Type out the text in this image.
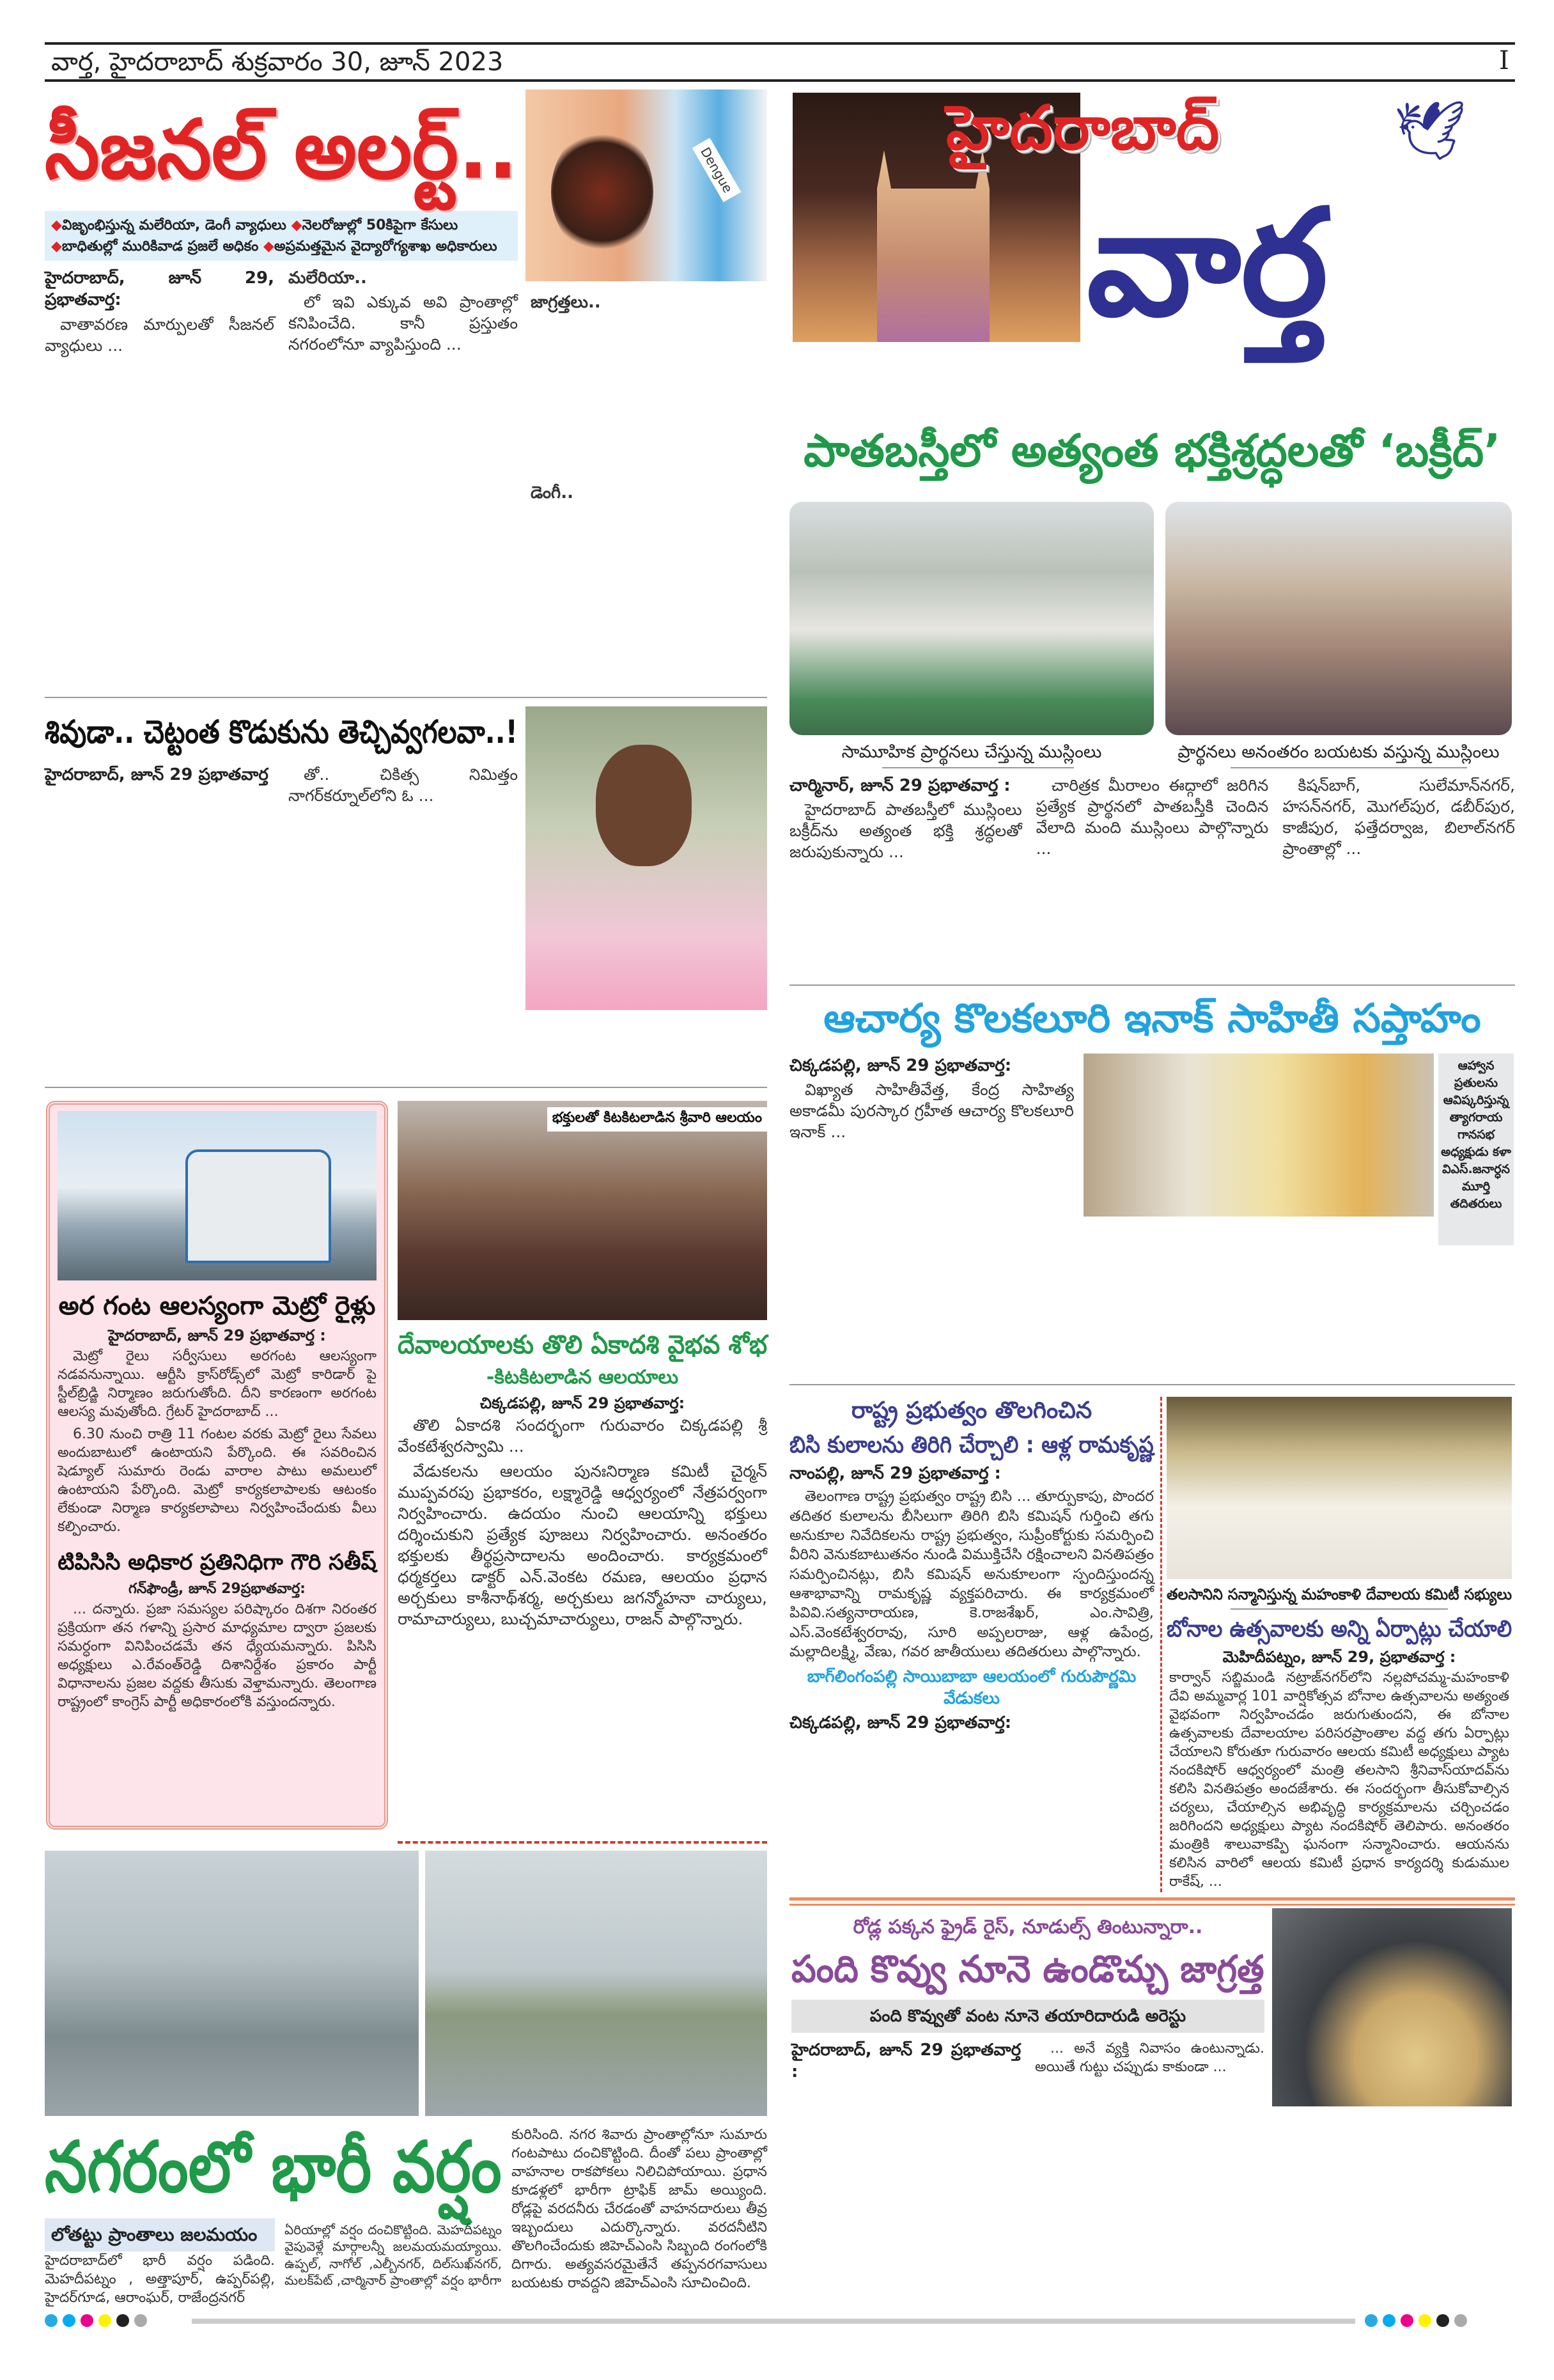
వార్త, హైదరాబాద్ శుక్రవారం 30, జూన్ 2023	I
సీజనల్ అలర్ట్..
◆విజృంభిస్తున్న మలేరియా, డెంగీ వ్యాధులు ◆నెలరోజుల్లో 50కిపైగా కేసులు
◆బాధితుల్లో మురికివాడ ప్రజలే అధికం ◆అప్రమత్తమైన వైద్యారోగ్యశాఖ అధికారులు
హైదరాబాద్, జూన్ 29, ప్రభాతవార్త:

వాతావరణ మార్పులతో సీజనల్ వ్యాధులు ...

మలేరియా..

లో ఇవి ఎక్కువ అవి ప్రాంతాల్లో కనిపించేది. కానీ ప్రస్తుతం నగరంలోనూ వ్యాపిస్తుంది ...

Dengue
జాగ్రత్తలు..
డెంగీ..
శివుడా.. చెట్టంత కొడుకును తెచ్చివ్వగలవా..!
హైదరాబాద్, జూన్ 29 ప్రభాతవార్త	తో.. చికిత్స నిమిత్తం నాగర్‌కర్నూల్‌లోని ఓ ...

అర గంట ఆలస్యంగా మెట్రో రైళ్లు
హైదరాబాద్, జూన్ 29 ప్రభాతవార్త :

మెట్రో రైలు సర్వీసులు అరగంట ఆలస్యంగా నడవనున్నాయి. ఆర్టీసి క్రాస్‌రోడ్స్‌లో మెట్రో కారిడార్ పై స్టీల్‌బ్రిడ్జి నిర్మాణం జరుగుతోంది. దీని కారణంగా అరగంట ఆలస్య మవుతోంది. గ్రేటర్ హైదరాబాద్ ...

6.30 నుంచి రాత్రి 11 గంటల వరకు మెట్రో రైలు సేవలు అందుబాటులో ఉంటాయని పేర్కొంది. ఈ సవరించిన షెడ్యూల్ సుమారు రెండు వారాల పాటు అమలులో ఉంటాయని పేర్కొంది. మెట్రో కార్యకలాపాలకు ఆటంకం లేకుండా నిర్మాణ కార్యకలాపాలు నిర్వహించేందుకు వీలు కల్పించారు.

టిపిసిసి అధికార ప్రతినిధిగా గౌరి సతీష్
గన్‌ఫౌండ్రీ, జూన్ 29ప్రభాతవార్త:

... దన్నారు. ప్రజా సమస్యల పరిష్కారం దిశగా నిరంతర ప్రక్రియగా తన గళాన్ని ప్రసార మాధ్యమాల ద్వారా ప్రజలకు సమర్ధంగా వినిపించడమే తన ధ్యేయమన్నారు. పిసిసి అధ్యక్షులు ఎ.రేవంత్‌రెడ్డి దిశానిర్దేశం ప్రకారం పార్టీ విధానాలను ప్రజల వద్దకు తీసుకు వెళ్తామన్నారు. తెలంగాణ రాష్ట్రంలో కాంగ్రెస్ పార్టీ అధికారంలోకి వస్తుందన్నారు.

భక్తులతో కిటకిటలాడిన శ్రీవారి ఆలయం
దేవాలయాలకు తొలి ఏకాదశి వైభవ శోభ
-కిటకిటలాడిన ఆలయాలు
చిక్కడపల్లి, జూన్ 29 ప్రభాతవార్త:

తొలి ఏకాదశి సందర్భంగా గురువారం చిక్కడపల్లి శ్రీ వేంకటేశ్వరస్వామి ...

వేడుకలను ఆలయం పునఃనిర్మాణ కమిటీ చైర్మన్ ముప్పవరపు ప్రభాకరం, లక్ష్మారెడ్డి ఆధ్వర్యంలో నేత్రపర్వంగా నిర్వహించారు. ఉదయం నుంచి ఆలయాన్ని భక్తులు దర్శించుకుని ప్రత్యేక పూజలు నిర్వహించారు. అనంతరం భక్తులకు తీర్థప్రసాదాలను అందించారు. కార్యక్రమంలో ధర్మకర్తలు డాక్టర్ ఎన్.వెంకట రమణ, ఆలయం ప్రధాన అర్చకులు కాశీనాథ్‌శర్మ, అర్చకులు జగన్మోహనా చార్యులు, రామాచార్యులు, బుచ్చమాచార్యులు, రాజన్ పాల్గొన్నారు.

నగరంలో భారీ వర్షం
లోతట్టు ప్రాంతాలు జలమయం
హైదరాబాద్‌లో భారీ వర్షం పడింది. మెహదీపట్నం , అత్తాపూర్, ఉప్పర్‌పల్లి, హైదర్‌గూడ, ఆరాంఘర్, రాజేంద్రనగర్
ఏరియాల్లో వర్షం దంచికొట్టింది. మెహదీపట్నం వైపువెళ్లే మార్గాలన్నీ జలమయమయ్యాయి. ఉప్పల్, నాగోల్ ,ఎల్బీనగర్, దిల్‌సుఖ్‌నగర్, మలక్‌పేట్ ,చార్మినార్ ప్రాంతాల్లో వర్షం భారీగా
కురిసింది. నగర శివారు ప్రాంతాల్లోనూ సుమారు గంటపాటు దంచికొట్టింది. దీంతో పలు ప్రాంతాల్లో వాహనాల రాకపోకలు నిలిచిపోయాయి. ప్రధాన కూడళ్లలో భారీగా ట్రాఫిక్ జామ్ అయ్యింది. రోడ్లపై వరదనీరు చేరడంతో వాహనదారులు తీవ్ర ఇబ్బందులు ఎదుర్కొన్నారు. వరదనీటిని తొలగించేందుకు జిహెచ్‌ఎంసి సిబ్బంది రంగంలోకి దిగారు. అత్యవసరమైతేనే తప్పనరగవాసులు బయటకు రావద్దని జిహెచ్‌ఎంసి సూచించింది.
హైదరాబాద్	🕊
వార్త
పాతబస్తీలో అత్యంత భక్తిశ్రద్ధలతో ‘బక్రీద్’
సామూహిక ప్రార్థనలు చేస్తున్న ముస్లింలు	ప్రార్థనలు అనంతరం బయటకు వస్తున్న ముస్లింలు
చార్మినార్, జూన్ 29 ప్రభాతవార్త :

హైదరాబాద్ పాతబస్తీలో ముస్లింలు బక్రీద్‌ను అత్యంత భక్తి శ్రద్ధలతో జరుపుకున్నారు ...

చారిత్రక మీరాలం ఈద్గాలో జరిగిన ప్రత్యేక ప్రార్థనలో పాతబస్తీకి చెందిన వేలాది మంది ముస్లింలు పాల్గొన్నారు ...

కిషన్‌బాగ్, సులేమాన్‌నగర్, హసన్‌నగర్, మొగల్‌పుర, డబీర్‌పుర, కాజీపుర, ఫత్తేదర్వాజ, బిలాల్‌నగర్ ప్రాంతాల్లో ...

ఆచార్య కొలకలూరి ఇనాక్ సాహితీ సప్తాహం
చిక్కడపల్లి, జూన్ 29 ప్రభాతవార్త:

విఖ్యాత సాహితీవేత్త, కేంద్ర సాహిత్య అకాడమీ పురస్కార గ్రహీత ఆచార్య కొలకలూరి ఇనాక్ ...

ఆహ్వాన ప్రతులను ఆవిష్కరిస్తున్న త్యాగరాయ గానసభ అధ్యక్షుడు కళా విఎస్.జనార్ధన మూర్తి తదితరులు
రాష్ట్ర ప్రభుత్వం తొలగించిన
బిసి కులాలను తిరిగి చేర్చాలి : ఆళ్ల రామకృష్ణ
నాంపల్లి, జూన్ 29 ప్రభాతవార్త :

తెలంగాణ రాష్ట్ర ప్రభుత్వం రాష్ట్ర బిసి ... తూర్పుకాపు, పొందర తదితర కులాలను బీసిలుగా తిరిగి బిసి కమిషన్ గుర్తించి తగు అనుకూల నివేదికలను రాష్ట్ర ప్రభుత్వం, సుప్రీంకోర్టుకు సమర్పించి వీరిని వెనుకబాటుతనం నుండి విముక్తిచేసి రక్షించాలని వినతిపత్రం సమర్పించినట్లు, బిసి కమిషన్ అనుకూలంగా స్పందిస్తుందన్న ఆశాభావాన్ని రామకృష్ణ వ్యక్తపరిచారు. ఈ కార్యక్రమంలో పివివి.సత్యనారాయణ, కె.రాజశేఖర్, ఎం.సావిత్రి, ఎస్.వెంకటేశ్వరరావు, సూరి అప్పలరాజు, ఆళ్ల ఉపేంద్ర, మల్లాదిలక్ష్మి, వేణు, గవర జాతీయులు తదితరులు పాల్గొన్నారు.

బాగ్‌లింగంపల్లి సాయిబాబా ఆలయంలో గురుపౌర్ణమి వేడుకలు
చిక్కడపల్లి, జూన్ 29 ప్రభాతవార్త:
తలసానిని సన్మానిస్తున్న మహంకాళి దేవాలయ కమిటీ సభ్యులు
బోనాల ఉత్సవాలకు అన్ని ఏర్పాట్లు చేయాలి
మెహిదీపట్నం, జూన్ 29, ప్రభాతవార్త :
కార్వాన్ సబ్జిమండి నట్రాజ్‌నగర్‌లోని నల్లపోచమ్మ-మహంకాళి దేవి అమ్మవార్ల 101 వార్షికోత్సవ బోనాల ఉత్సవాలను అత్యంత వైభవంగా నిర్వహించడం జరుగుతుందని, ఈ బోనాల ఉత్సవాలకు దేవాలయాల పరిసరప్రాంతాల వద్ద తగు ఏర్పాట్లు చేయాలని కోరుతూ గురువారం ఆలయ కమిటీ అధ్యక్షులు ప్యాట నందకిషోర్ ఆధ్వర్యంలో మంత్రి తలసాని శ్రీనివాస్‌యాదవ్‌ను కలిసి వినతిపత్రం అందజేశారు. ఈ సందర్భంగా తీసుకోవాల్సిన చర్యలు, చేయాల్సిన అభివృద్ధి కార్యక్రమాలను చర్చించడం జరిగిందని అధ్యక్షులు ప్యాట నందకిషోర్ తెలిపారు. అనంతరం మంత్రికి శాలువాకప్పి ఘనంగా సన్మానించారు. ఆయనను కలిసిన వారిలో ఆలయ కమిటీ ప్రధాన కార్యదర్శి కుడుముల రాకేష్, ...
రోడ్ల పక్కన ఫ్రైడ్ రైస్, నూడుల్స్ తింటున్నారా..
పంది కొవ్వు నూనె ఉండొచ్చు జాగ్రత్త
పంది కొవ్వుతో వంట నూనె తయారిదారుడి అరెస్టు
హైదరాబాద్, జూన్ 29 ప్రభాతవార్త :

... అనే వ్యక్తి నివాసం ఉంటున్నాడు. అయితే గుట్టు చప్పుడు కాకుండా ...
